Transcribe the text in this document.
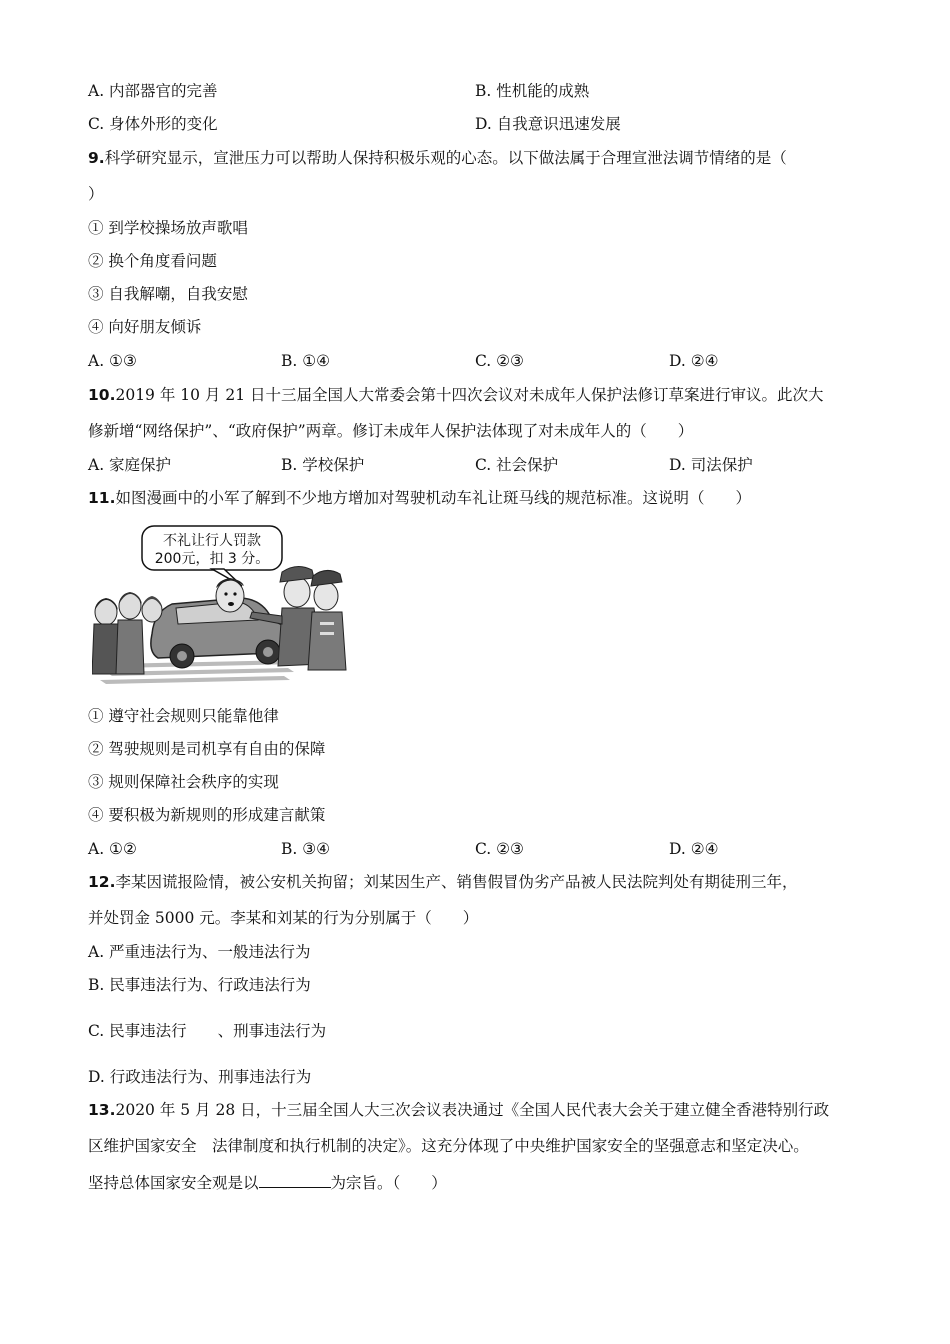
A. 内部器官的完善	B. 性机能的成熟
C. 身体外形的变化	D. 自我意识迅速发展
9.科学研究显示，宣泄压力可以帮助人保持积极乐观的心态。以下做法属于合理宣泄法调节情绪的是（
）
① 到学校操场放声歌唱
② 换个角度看问题
③ 自我解嘲，自我安慰
④ 向好朋友倾诉
A. ①③	B. ①④	C. ②③	D. ②④
10.2019 年 10 月 21 日十三届全国人大常委会第十四次会议对未成年人保护法修订草案进行审议。此次大
修新增“网络保护”、“政府保护”两章。修订未成年人保护法体现了对未成年人的（　　）
A. 家庭保护	B. 学校保护	C. 社会保护	D. 司法保护
11.如图漫画中的小军了解到不少地方增加对驾驶机动车礼让斑马线的规范标准。这说明（　　）
不礼让行人罚款
200元，扣 3 分。
① 遵守社会规则只能靠他律
② 驾驶规则是司机享有自由的保障
③ 规则保障社会秩序的实现
④ 要积极为新规则的形成建言献策
A. ①②	B. ③④	C. ②③	D. ②④
12.李某因谎报险情，被公安机关拘留；刘某因生产、销售假冒伪劣产品被人民法院判处有期徒刑三年，
并处罚金 5000 元。李某和刘某的行为分别属于（　　）
A. 严重违法行为、一般违法行为
B. 民事违法行为、行政违法行为
C. 民事违法行　　、刑事违法行为
D. 行政违法行为、刑事违法行为
13.2020 年 5 月 28 日，十三届全国人大三次会议表决通过《全国人民代表大会关于建立健全香港特别行政
区维护国家安全　法律制度和执行机制的决定》。这充分体现了中央维护国家安全的坚强意志和坚定决心。
坚持总体国家安全观是以	为宗旨。（　　）
